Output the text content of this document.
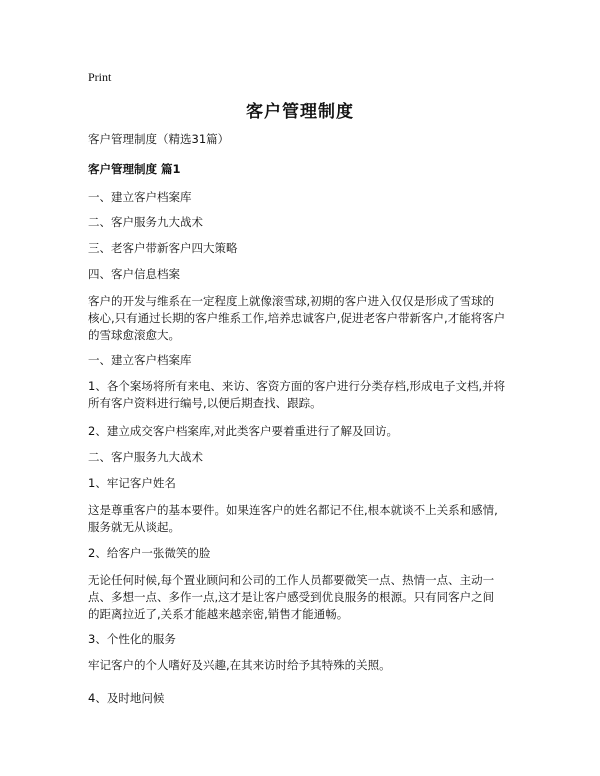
Print
客户管理制度
客户管理制度（精选31篇）
客户管理制度 篇1
一、建立客户档案库
二、客户服务九大战术
三、老客户带新客户四大策略
四、客户信息档案
客户的开发与维系在一定程度上就像滚雪球,初期的客户进入仅仅是形成了雪球的
核心,只有通过长期的客户维系工作,培养忠诚客户,促进老客户带新客户,才能将客户
的雪球愈滚愈大。
一、建立客户档案库
1、各个案场将所有来电、来访、客资方面的客户进行分类存档,形成电子文档,并将
所有客户资料进行编号,以便后期查找、跟踪。
2、建立成交客户档案库,对此类客户要着重进行了解及回访。
二、客户服务九大战术
1、牢记客户姓名
这是尊重客户的基本要件。如果连客户的姓名都记不住,根本就谈不上关系和感情,
服务就无从谈起。
2、给客户一张微笑的脸
无论任何时候,每个置业顾问和公司的工作人员都要微笑一点、热情一点、主动一
点、多想一点、多作一点,这才是让客户感受到优良服务的根源。只有同客户之间
的距离拉近了,关系才能越来越亲密,销售才能通畅。
3、个性化的服务
牢记客户的个人嗜好及兴趣,在其来访时给予其特殊的关照。
4、及时地问候
